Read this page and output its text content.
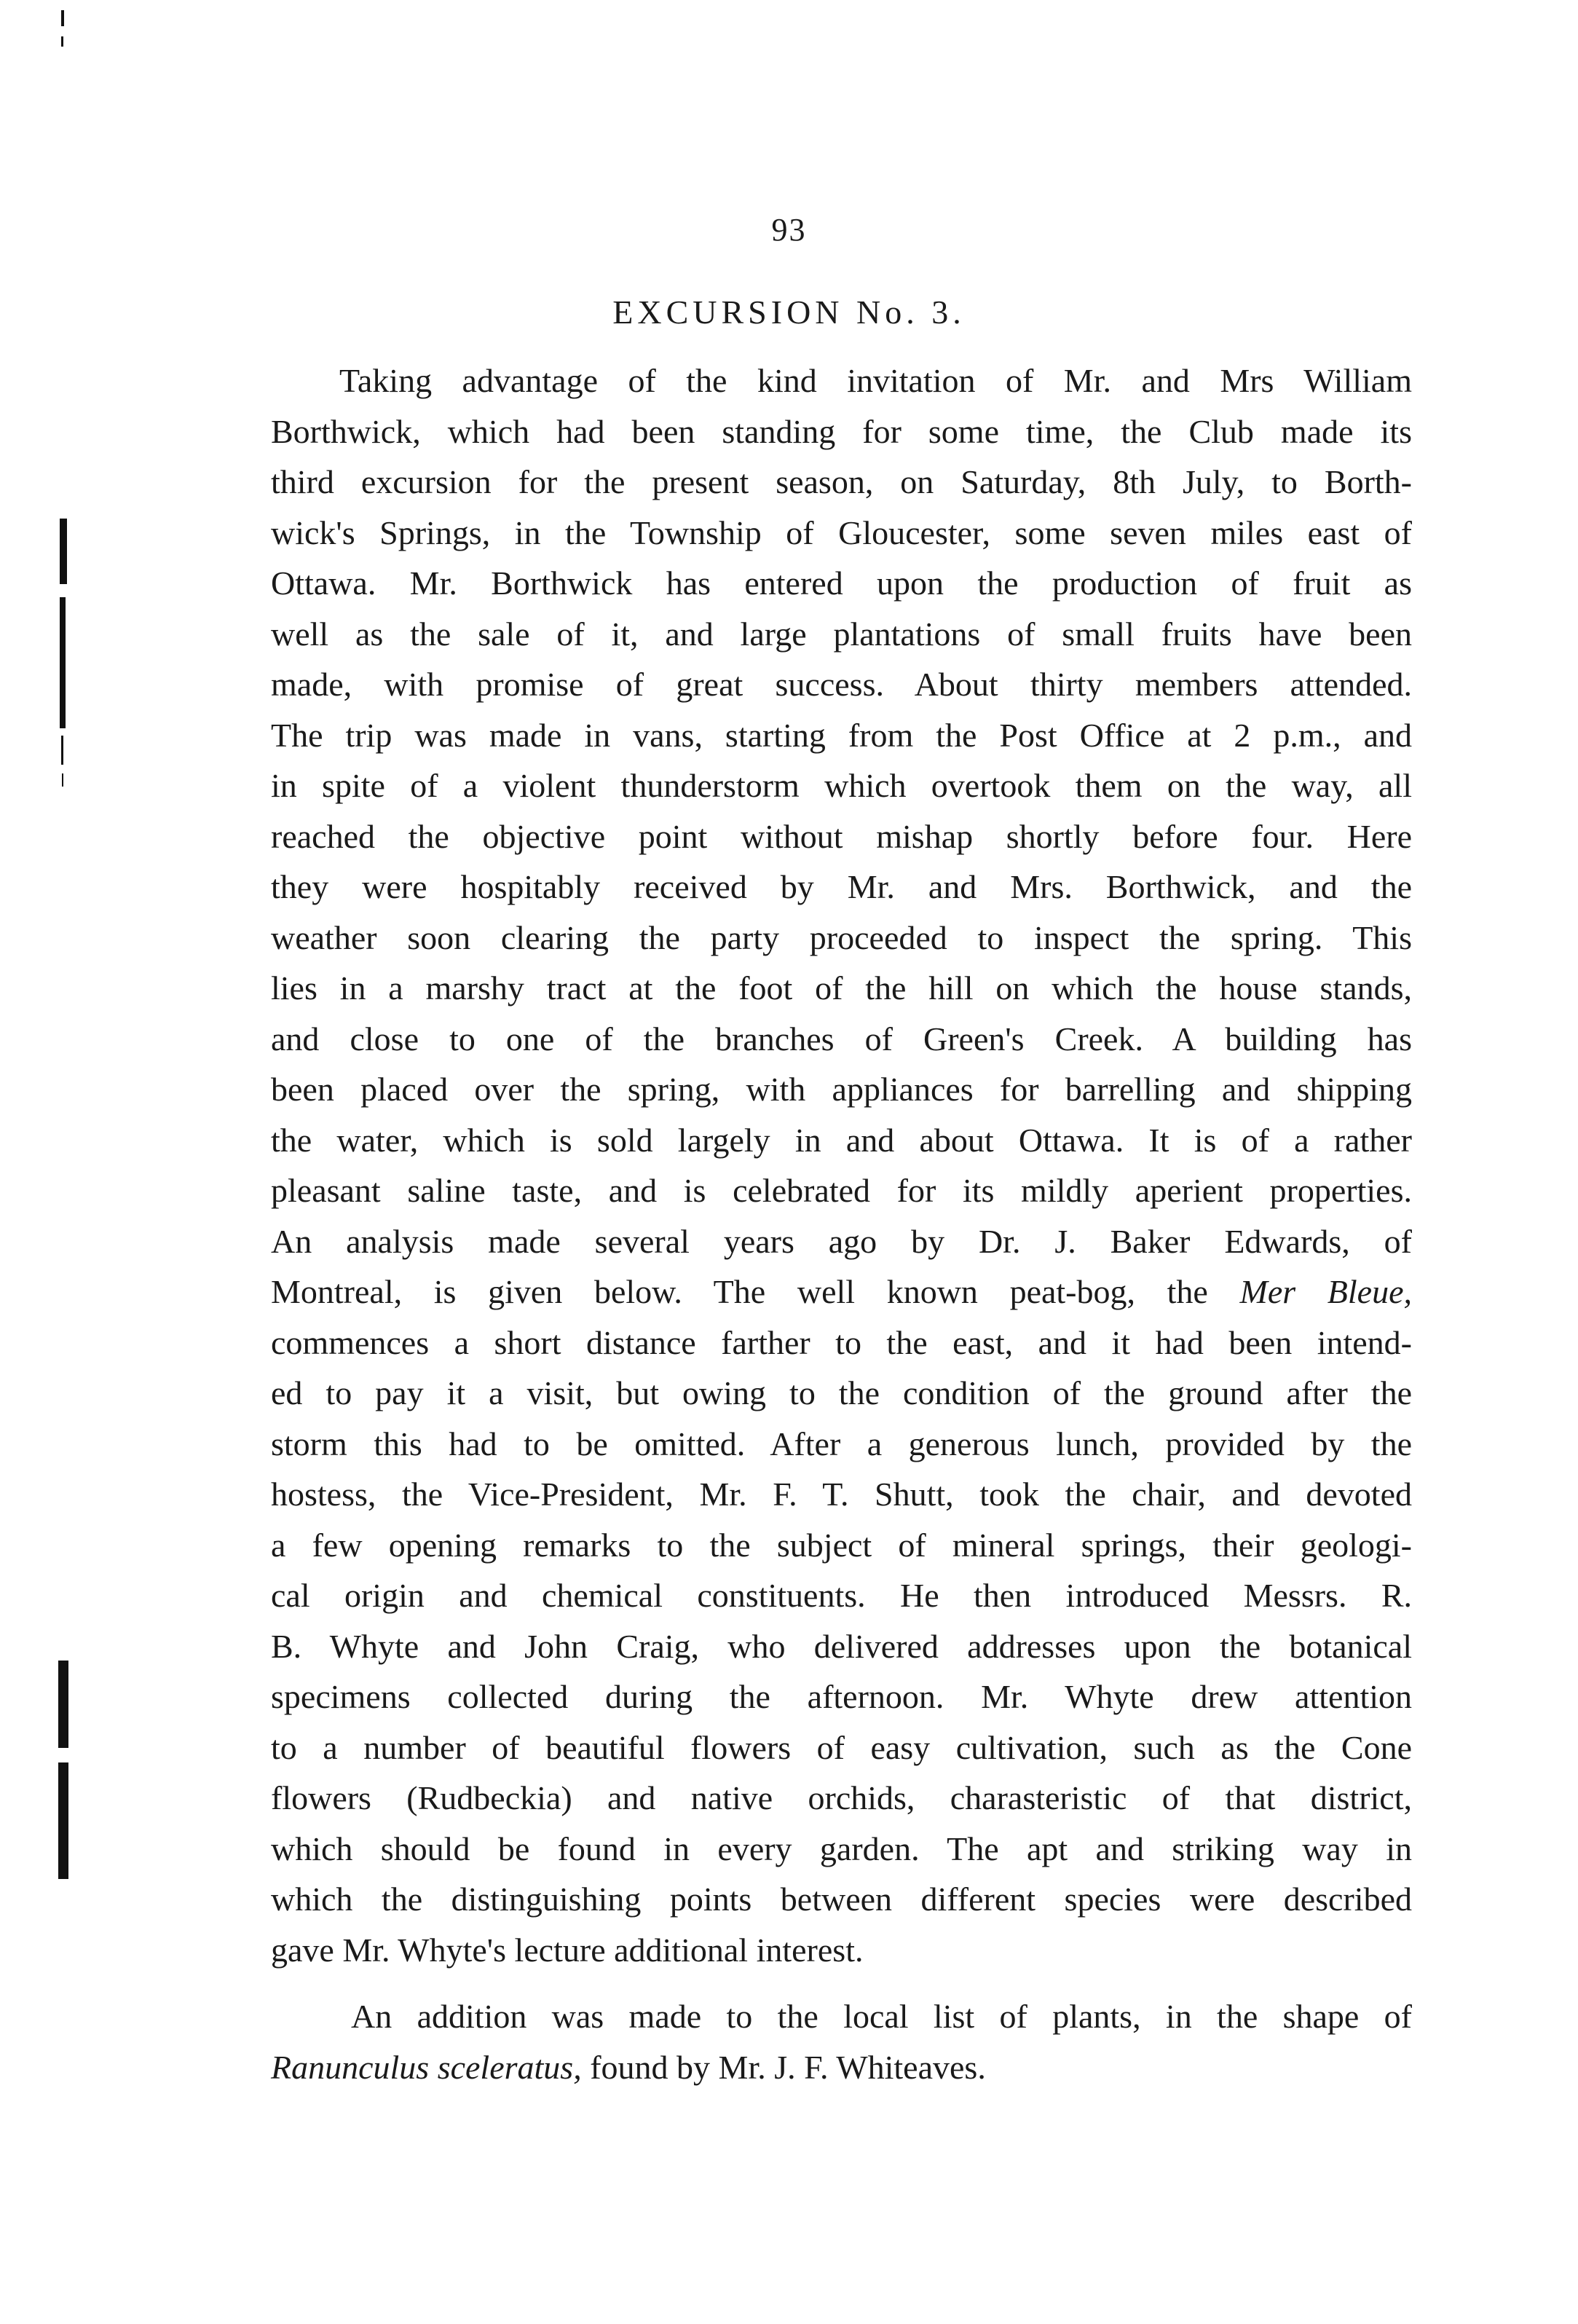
93
EXCURSION No. 3.
Taking advantage of the kind invitation of Mr. and Mrs William
Borthwick, which had been standing for some time, the Club made its
third excursion for the present season, on Saturday, 8th July, to Borth-
wick's Springs, in the Township of Gloucester, some seven miles east of
Ottawa. Mr. Borthwick has entered upon the production of fruit as
well as the sale of it, and large plantations of small fruits have been
made, with promise of great success. About thirty members attended.
The trip was made in vans, starting from the Post Office at 2 p.m., and
in spite of a violent thunderstorm which overtook them on the way, all
reached the objective point without mishap shortly before four. Here
they were hospitably received by Mr. and Mrs. Borthwick, and the
weather soon clearing the party proceeded to inspect the spring. This
lies in a marshy tract at the foot of the hill on which the house stands,
and close to one of the branches of Green's Creek. A building has
been placed over the spring, with appliances for barrelling and shipping
the water, which is sold largely in and about Ottawa. It is of a rather
pleasant saline taste, and is celebrated for its mildly aperient properties.
An analysis made several years ago by Dr. J. Baker Edwards, of
Montreal, is given below. The well known peat-bog, the Mer Bleue,
commences a short distance farther to the east, and it had been intend-
ed to pay it a visit, but owing to the condition of the ground after the
storm this had to be omitted. After a generous lunch, provided by the
hostess, the Vice-President, Mr. F. T. Shutt, took the chair, and devoted
a few opening remarks to the subject of mineral springs, their geologi-
cal origin and chemical constituents. He then introduced Messrs. R.
B. Whyte and John Craig, who delivered addresses upon the botanical
specimens collected during the afternoon. Mr. Whyte drew attention
to a number of beautiful flowers of easy cultivation, such as the Cone
flowers (Rudbeckia) and native orchids, charasteristic of that district,
which should be found in every garden. The apt and striking way in
which the distinguishing points between different species were described
gave Mr. Whyte's lecture additional interest.
An addition was made to the local list of plants, in the shape of
Ranunculus sceleratus, found by Mr. J. F. Whiteaves.
